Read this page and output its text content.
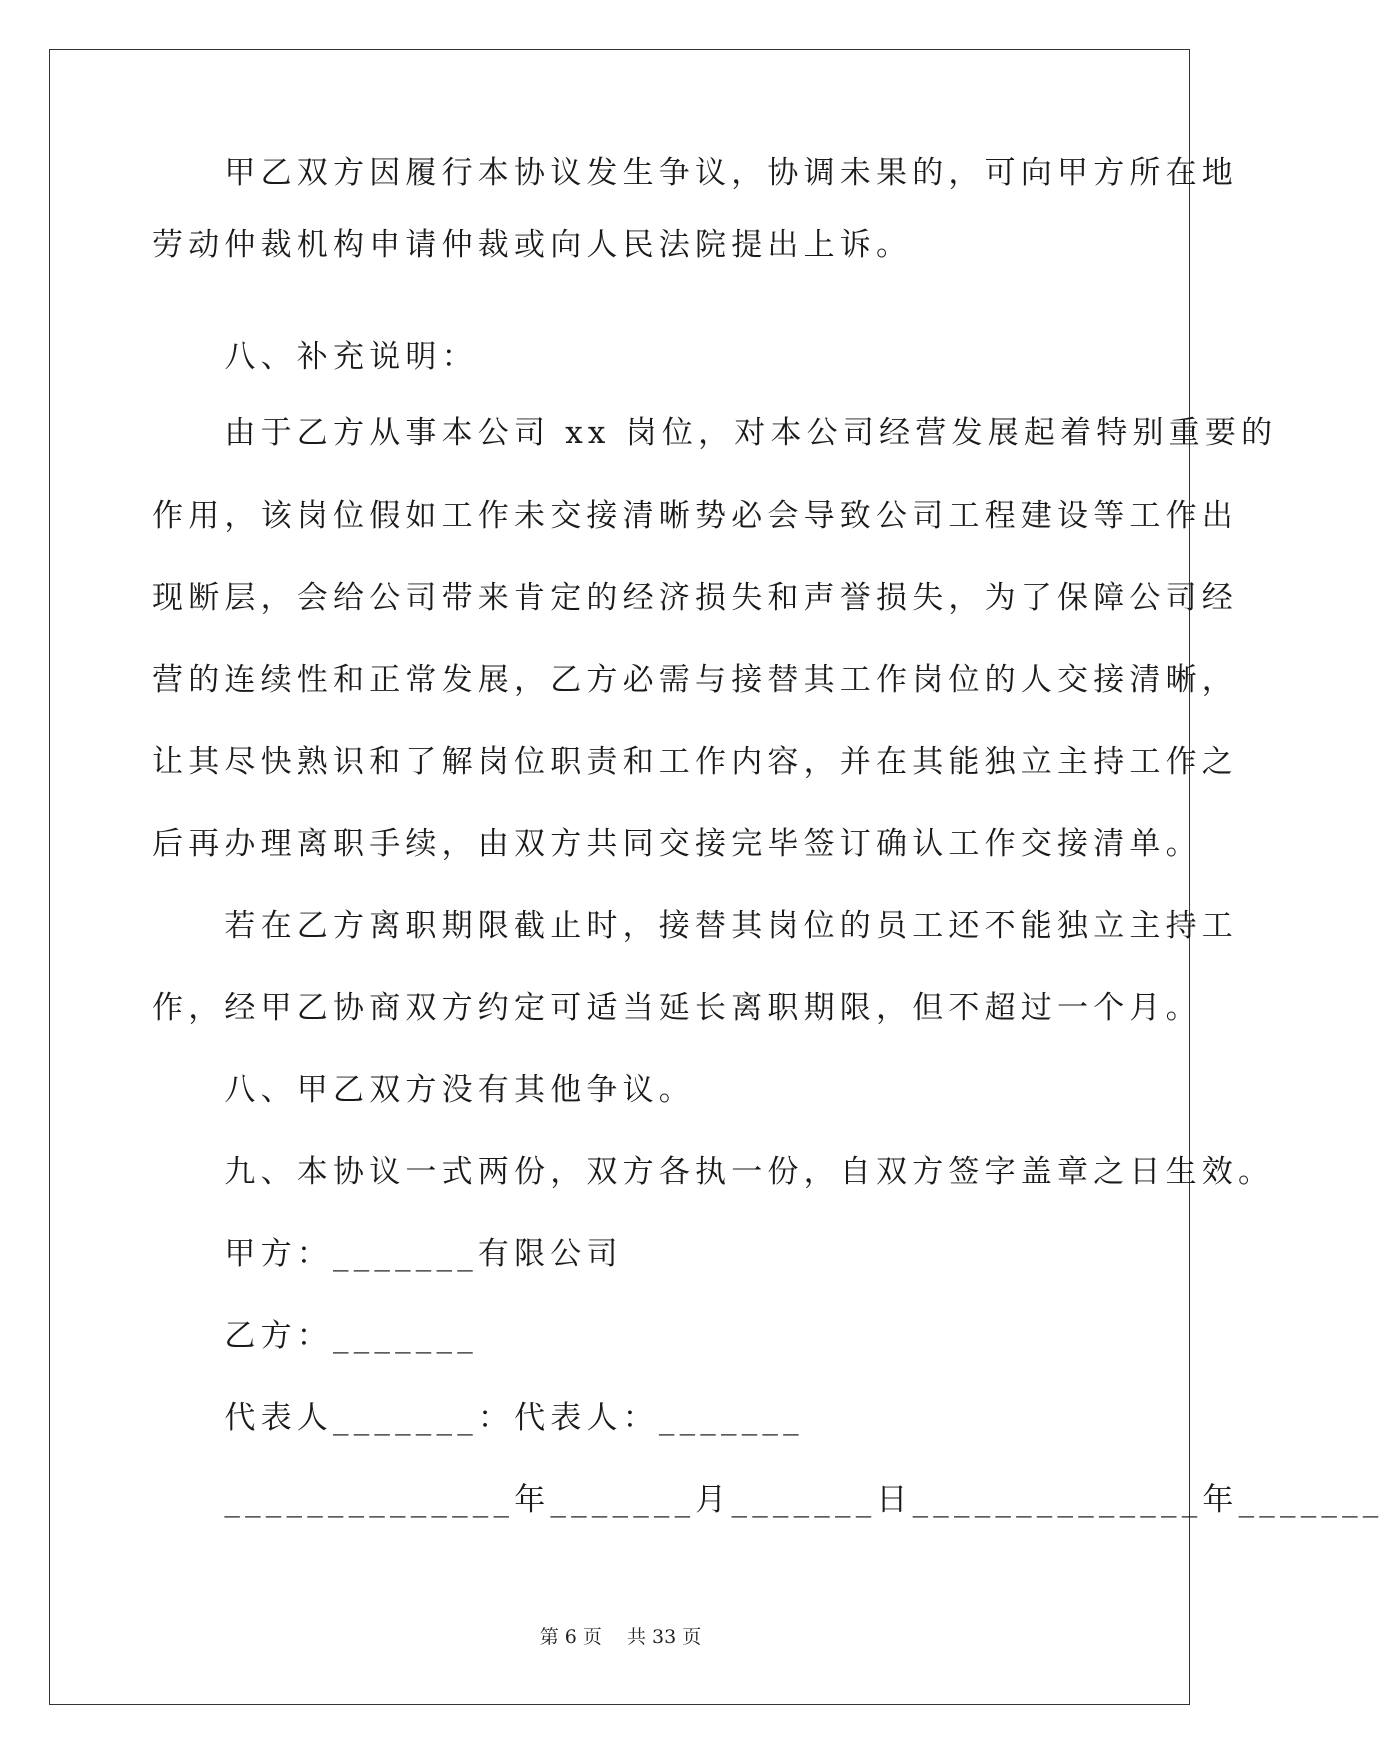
　　甲乙双方因履行本协议发生争议，协调未果的，可向甲方所在地

劳动仲裁机构申请仲裁或向人民法院提出上诉。

　　八、补充说明：

　　由于乙方从事本公司 xx 岗位，对本公司经营发展起着特别重要的

作用，该岗位假如工作未交接清晰势必会导致公司工程建设等工作出

现断层，会给公司带来肯定的经济损失和声誉损失，为了保障公司经

营的连续性和正常发展，乙方必需与接替其工作岗位的人交接清晰，

让其尽快熟识和了解岗位职责和工作内容，并在其能独立主持工作之

后再办理离职手续，由双方共同交接完毕签订确认工作交接清单。

　　若在乙方离职期限截止时，接替其岗位的员工还不能独立主持工

作，经甲乙协商双方约定可适当延长离职期限，但不超过一个月。

　　八、甲乙双方没有其他争议。

　　九、本协议一式两份，双方各执一份，自双方签字盖章之日生效。

　　甲方：_______有限公司

　　乙方：_______

　　代表人_______：代表人：_______

　　______________年_______月_______日______________年_______

第 6 页　 共 33 页
